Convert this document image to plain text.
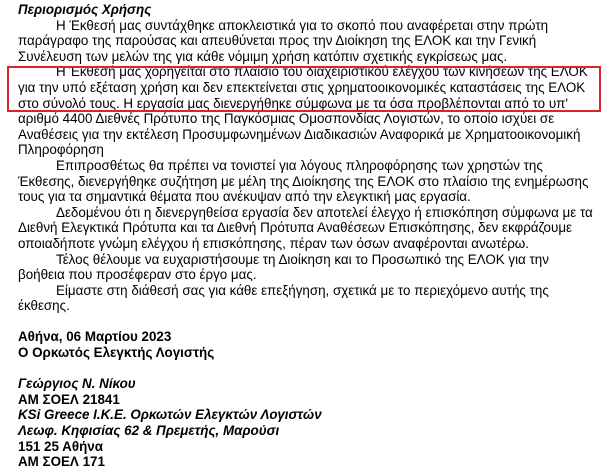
Περιορισμός Χρήσης

Η Έκθεσή μας συντάχθηκε αποκλειστικά για το σκοπό που αναφέρεται στην πρώτη

παράγραφο της παρούσας και απευθύνεται προς την Διοίκηση της ΕΛΟΚ και την Γενική

Συνέλευση των μελών της για κάθε νόμιμη χρήση κατόπιν σχετικής εγκρίσεως μας.

Η Έκθεσή μας χορηγείται στο πλαίσιο του διαχειριστικού ελέγχου των κινήσεων της ΕΛΟΚ

για την υπό εξέταση χρήση και δεν επεκτείνεται στις χρηματοοικονομικές καταστάσεις της ΕΛΟΚ

στο σύνολό τους. Η εργασία μας διενεργήθηκε σύμφωνα με τα όσα προβλέπονται από το υπ'

αριθμό 4400 Διεθνές Πρότυπο της Παγκόσμιας Ομοσπονδίας Λογιστών, το οποίο ισχύει σε

Αναθέσεις για την εκτέλεση Προσυμφωνημένων Διαδικασιών Αναφορικά με Χρηματοοικονομική

Πληροφόρηση

Επιπροσθέτως θα πρέπει να τονιστεί για λόγους πληροφόρησης των χρηστών της

Έκθεσης, διενεργήθηκε συζήτηση με μέλη της Διοίκησης της ΕΛΟΚ στο πλαίσιο της ενημέρωσης

τους για τα σημαντικά θέματα που ανέκυψαν από την ελεγκτική μας εργασία.

Δεδομένου ότι η διενεργηθείσα εργασία δεν αποτελεί έλεγχο ή επισκόπηση σύμφωνα με τα

Διεθνή Ελεγκτικά Πρότυπα και τα Διεθνή Πρότυπα Αναθέσεων Επισκόπησης, δεν εκφράζουμε

οποιαδήποτε γνώμη ελέγχου ή επισκόπησης, πέραν των όσων αναφέρονται ανωτέρω.

Τέλος θέλουμε να ευχαριστήσουμε τη Διοίκηση και το Προσωπικό της ΕΛΟΚ για την

βοήθεια που προσέφεραν στο έργο μας.

Είμαστε στη διάθεσή σας για κάθε επεξήγηση, σχετικά με το περιεχόμενο αυτής της

έκθεσης.

Αθήνα, 06 Μαρτίου 2023
Ο Ορκωτός Ελεγκτής Λογιστής
Γεώργιος Ν. Νίκου
ΑΜ ΣΟΕΛ 21841
KSi Greece Ι.Κ.Ε. Ορκωτών Ελεγκτών Λογιστών
Λεωφ. Κηφισίας 62 & Πρεμετής, Μαρούσι
151 25 Αθήνα
ΑΜ ΣΟΕΛ 171
